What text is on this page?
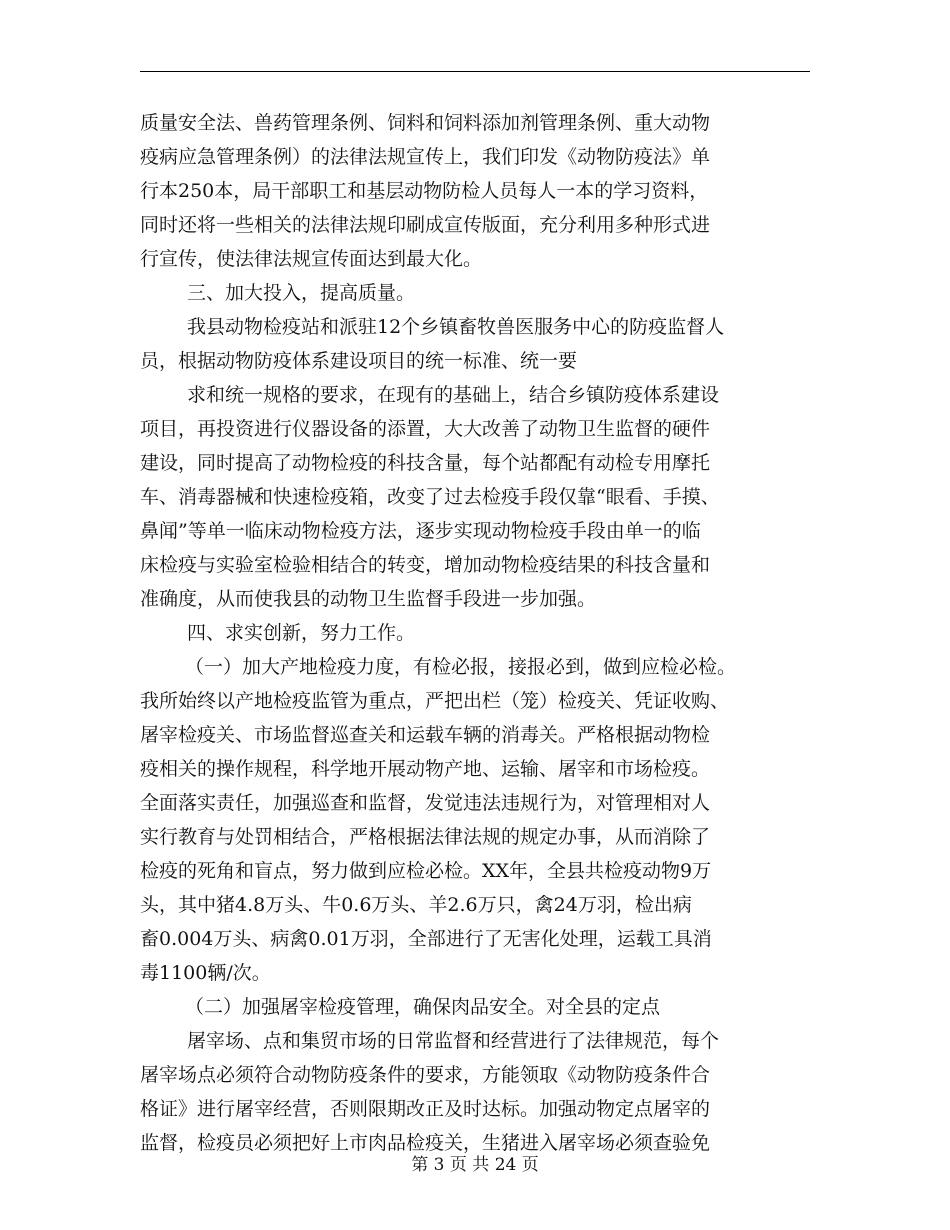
质量安全法、兽药管理条例、饲料和饲料添加剂管理条例、重大动物
疫病应急管理条例）的法律法规宣传上，我们印发《动物防疫法》单
行本250本，局干部职工和基层动物防检人员每人一本的学习资料，
同时还将一些相关的法律法规印刷成宣传版面，充分利用多种形式进
行宣传，使法律法规宣传面达到最大化。
三、加大投入，提高质量。
我县动物检疫站和派驻12个乡镇畜牧兽医服务中心的防疫监督人
员，根据动物防疫体系建设项目的统一标准、统一要
求和统一规格的要求，在现有的基础上，结合乡镇防疫体系建设
项目，再投资进行仪器设备的添置，大大改善了动物卫生监督的硬件
建设，同时提高了动物检疫的科技含量，每个站都配有动检专用摩托
车、消毒器械和快速检疫箱，改变了过去检疫手段仅靠“眼看、手摸、
鼻闻”等单一临床动物检疫方法，逐步实现动物检疫手段由单一的临
床检疫与实验室检验相结合的转变，增加动物检疫结果的科技含量和
准确度，从而使我县的动物卫生监督手段进一步加强。
四、求实创新，努力工作。
（一）加大产地检疫力度，有检必报，接报必到，做到应检必检。
我所始终以产地检疫监管为重点，严把出栏（笼）检疫关、凭证收购、
屠宰检疫关、市场监督巡查关和运载车辆的消毒关。严格根据动物检
疫相关的操作规程，科学地开展动物产地、运输、屠宰和市场检疫。
全面落实责任，加强巡查和监督，发觉违法违规行为，对管理相对人
实行教育与处罚相结合，严格根据法律法规的规定办事，从而消除了
检疫的死角和盲点，努力做到应检必检。XX年，全县共检疫动物9万
头，其中猪4.8万头、牛0.6万头、羊2.6万只，禽24万羽，检出病
畜0.004万头、病禽0.01万羽，全部进行了无害化处理，运载工具消
毒1100辆/次。
（二）加强屠宰检疫管理，确保肉品安全。对全县的定点
屠宰场、点和集贸市场的日常监督和经营进行了法律规范，每个
屠宰场点必须符合动物防疫条件的要求，方能领取《动物防疫条件合
格证》进行屠宰经营，否则限期改正及时达标。加强动物定点屠宰的
监督，检疫员必须把好上市肉品检疫关，生猪进入屠宰场必须查验免
第 3 页 共 24 页
